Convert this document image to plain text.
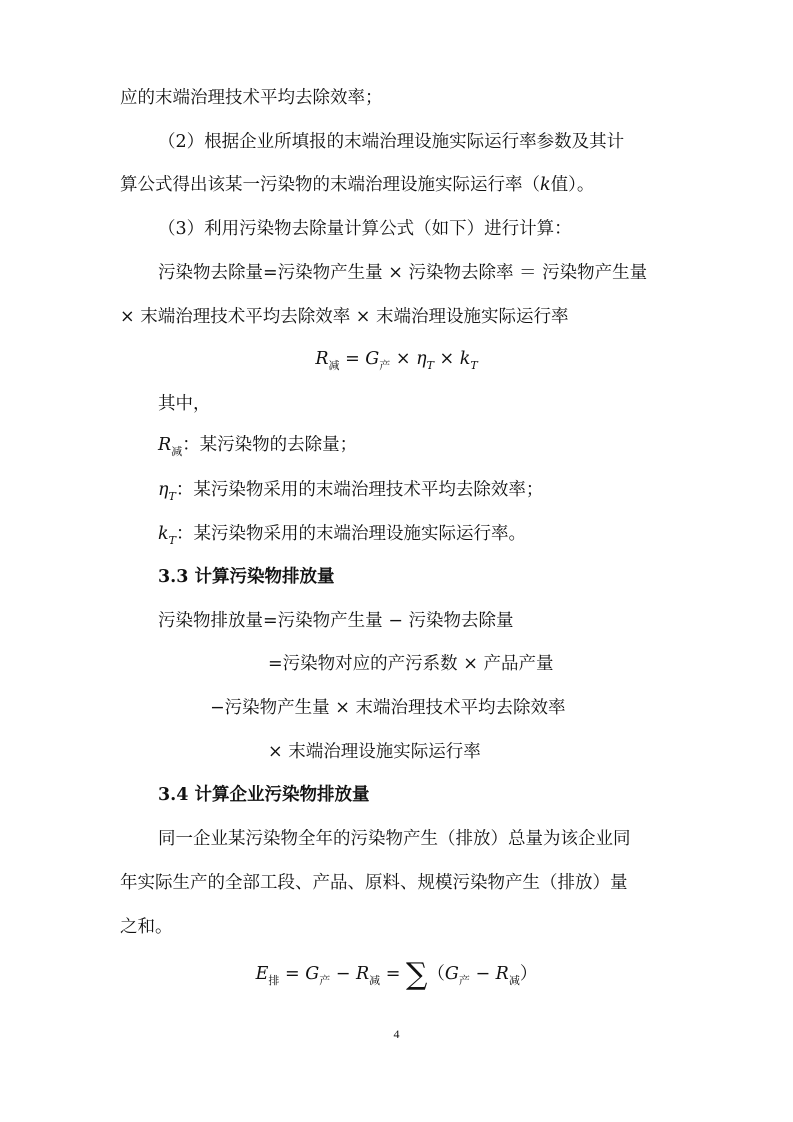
应的末端治理技术平均去除效率；
（2）根据企业所填报的末端治理设施实际运行率参数及其计
算公式得出该某一污染物的末端治理设施实际运行率（k值）。
（3）利用污染物去除量计算公式（如下）进行计算：
污染物去除量=污染物产生量 × 污染物去除率 ＝ 污染物产生量
× 末端治理技术平均去除效率 × 末端治理设施实际运行率
$R_减 = G_产 \times \eta_T \times k_T$
其中，
$R_减$：某污染物的去除量；
$\eta_T$：某污染物采用的末端治理技术平均去除效率；
$k_T$：某污染物采用的末端治理设施实际运行率。
3.3 计算污染物排放量
污染物排放量=污染物产生量 − 污染物去除量
=污染物对应的产污系数 × 产品产量
−污染物产生量 × 末端治理技术平均去除效率
× 末端治理设施实际运行率
3.4 计算企业污染物排放量
同一企业某污染物全年的污染物产生（排放）总量为该企业同
年实际生产的全部工段、产品、原料、规模污染物产生（排放）量
之和。
$E_排 = G_产 - R_减 = \sum(G_产 - R_减)$
4
